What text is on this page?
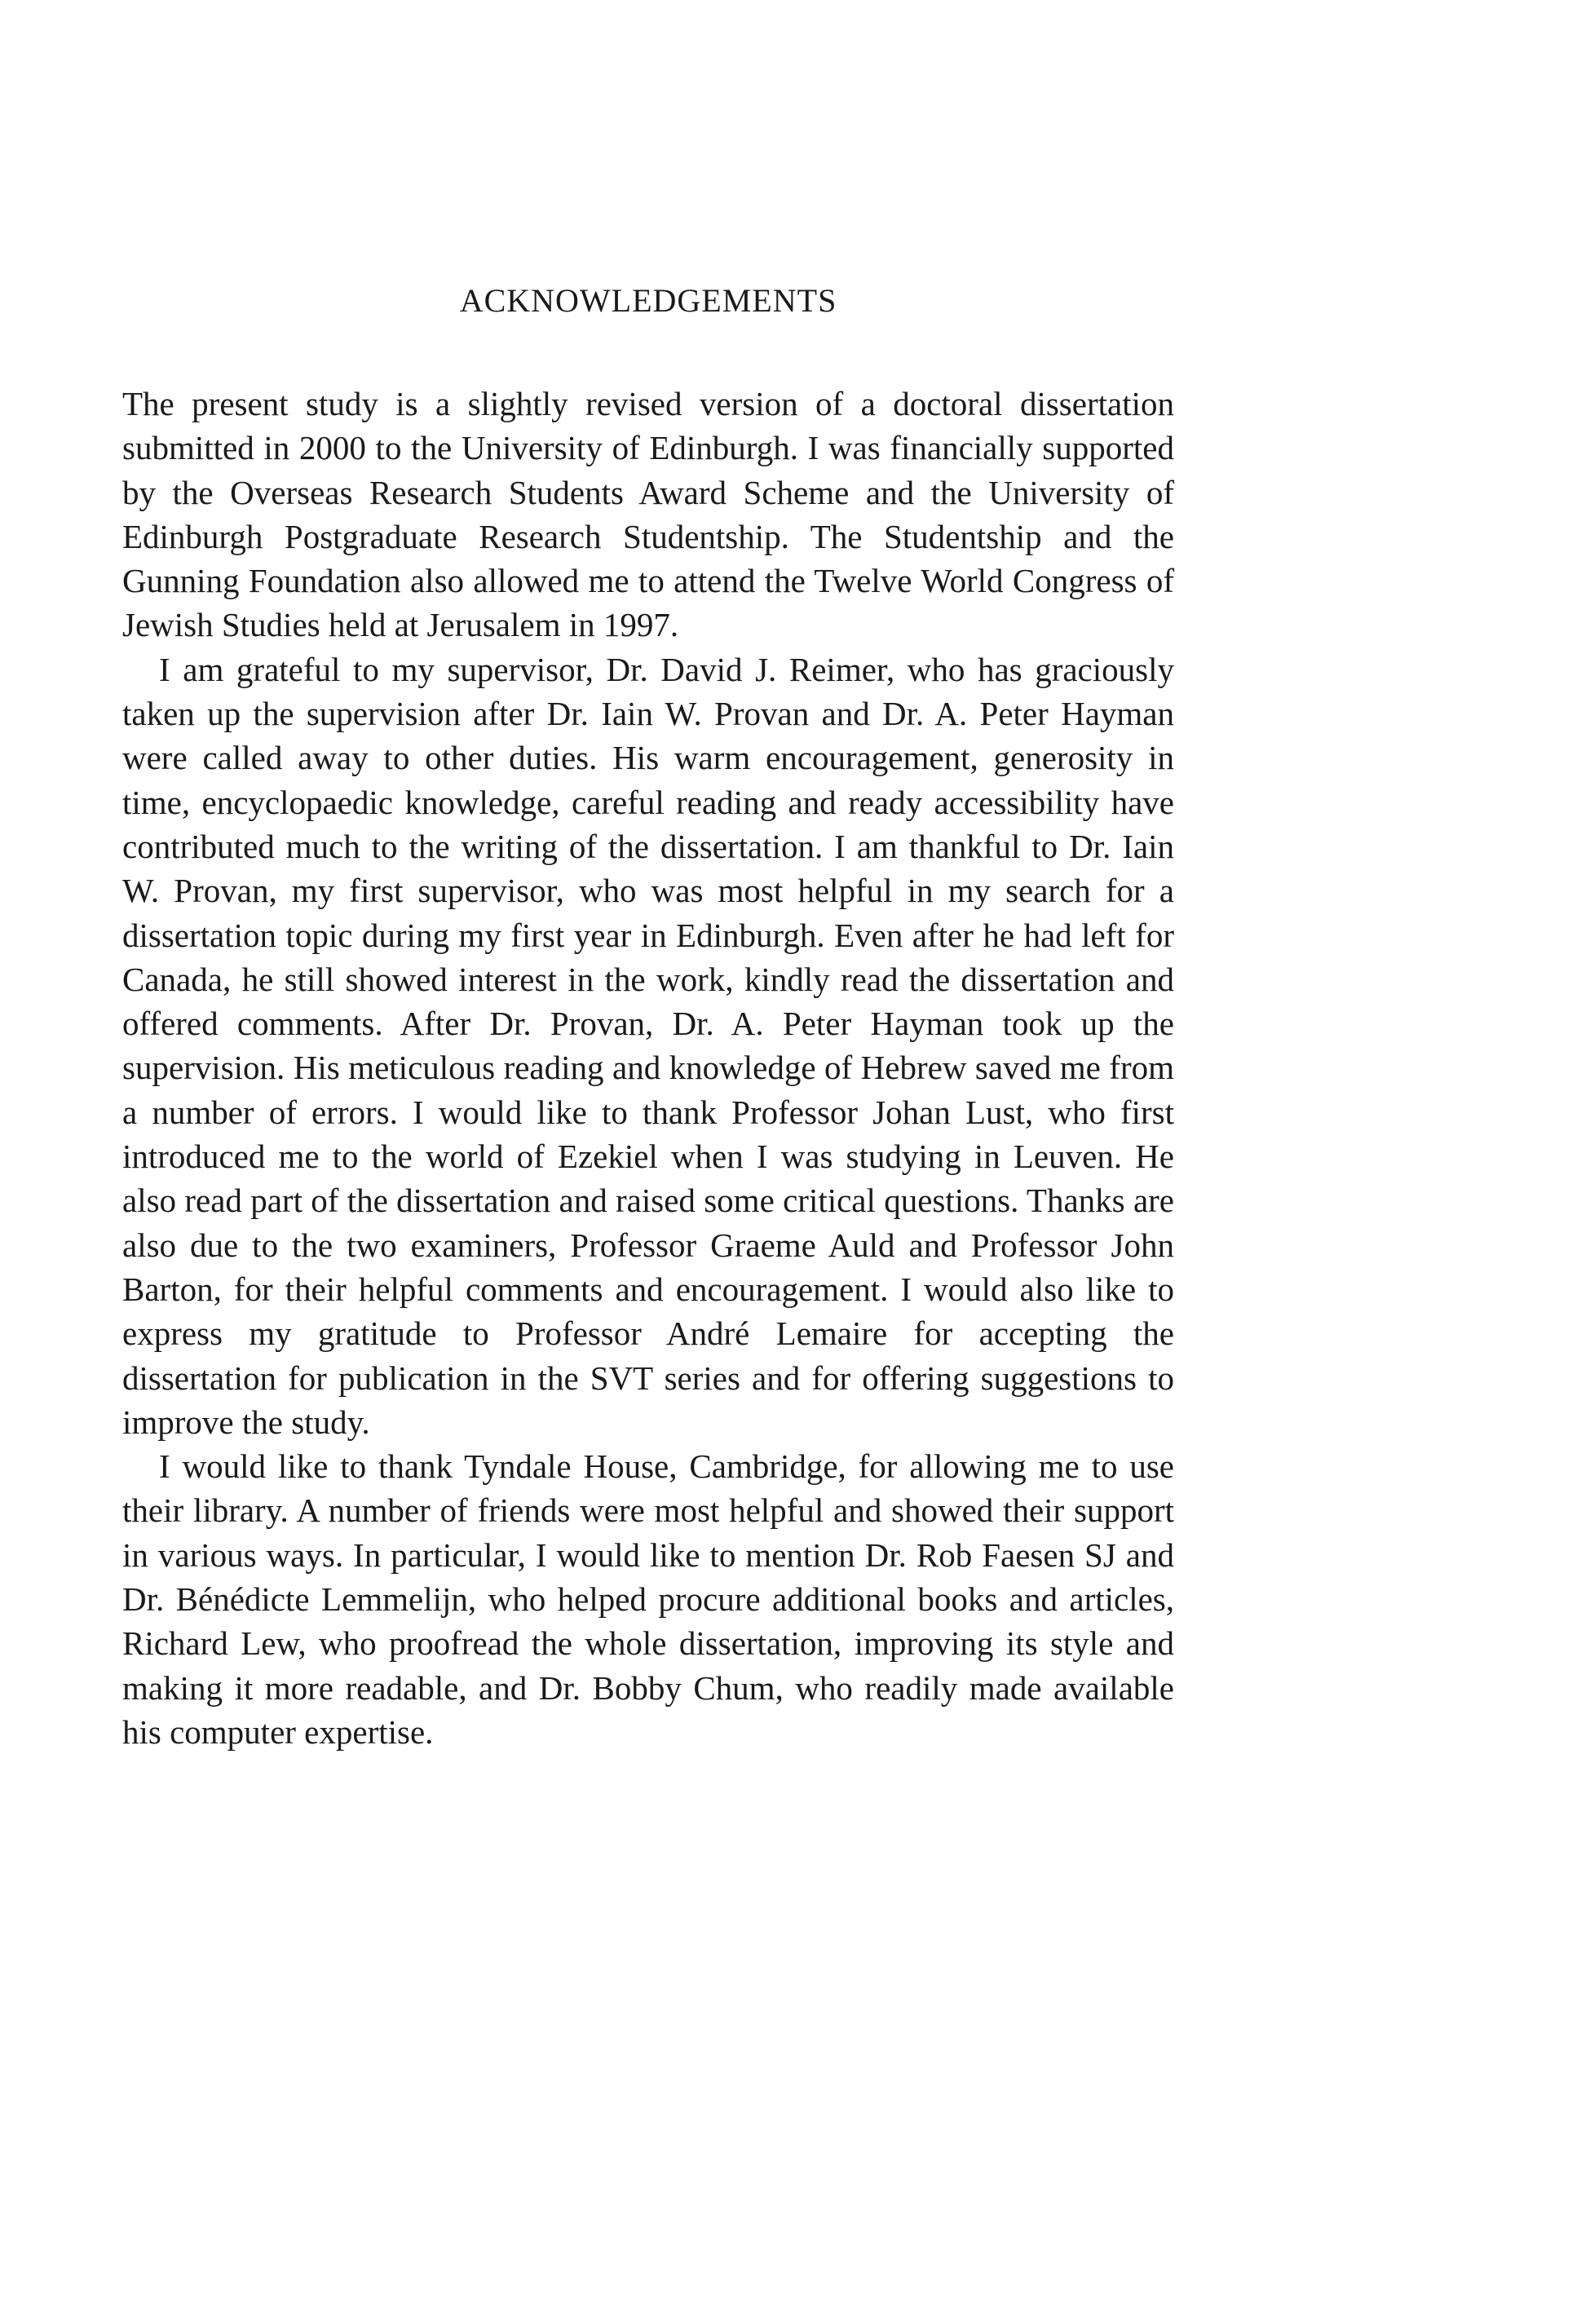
ACKNOWLEDGEMENTS

The present study is a slightly revised version of a doctoral dissertation submitted in 2000 to the University of Edinburgh. I was financially supported by the Overseas Research Students Award Scheme and the University of Edinburgh Postgraduate Research Studentship. The Studentship and the Gunning Foundation also allowed me to attend the Twelve World Congress of Jewish Studies held at Jerusalem in 1997.

I am grateful to my supervisor, Dr. David J. Reimer, who has graciously taken up the supervision after Dr. Iain W. Provan and Dr. A. Peter Hayman were called away to other duties. His warm encouragement, generosity in time, encyclopaedic knowledge, careful reading and ready accessibility have contributed much to the writing of the dissertation. I am thankful to Dr. Iain W. Provan, my first supervisor, who was most helpful in my search for a dissertation topic during my first year in Edinburgh. Even after he had left for Canada, he still showed interest in the work, kindly read the dissertation and offered comments. After Dr. Provan, Dr. A. Peter Hayman took up the supervision. His meticulous reading and knowledge of Hebrew saved me from a number of errors. I would like to thank Professor Johan Lust, who first introduced me to the world of Ezekiel when I was studying in Leuven. He also read part of the dissertation and raised some critical questions. Thanks are also due to the two examiners, Professor Graeme Auld and Professor John Barton, for their helpful comments and encouragement. I would also like to express my gratitude to Professor André Lemaire for accepting the dissertation for publication in the SVT series and for offering suggestions to improve the study.

I would like to thank Tyndale House, Cambridge, for allowing me to use their library. A number of friends were most helpful and showed their support in various ways. In particular, I would like to mention Dr. Rob Faesen SJ and Dr. Bénédicte Lemmelijn, who helped procure additional books and articles, Richard Lew, who proofread the whole dissertation, improving its style and making it more readable, and Dr. Bobby Chum, who readily made available his computer expertise.
